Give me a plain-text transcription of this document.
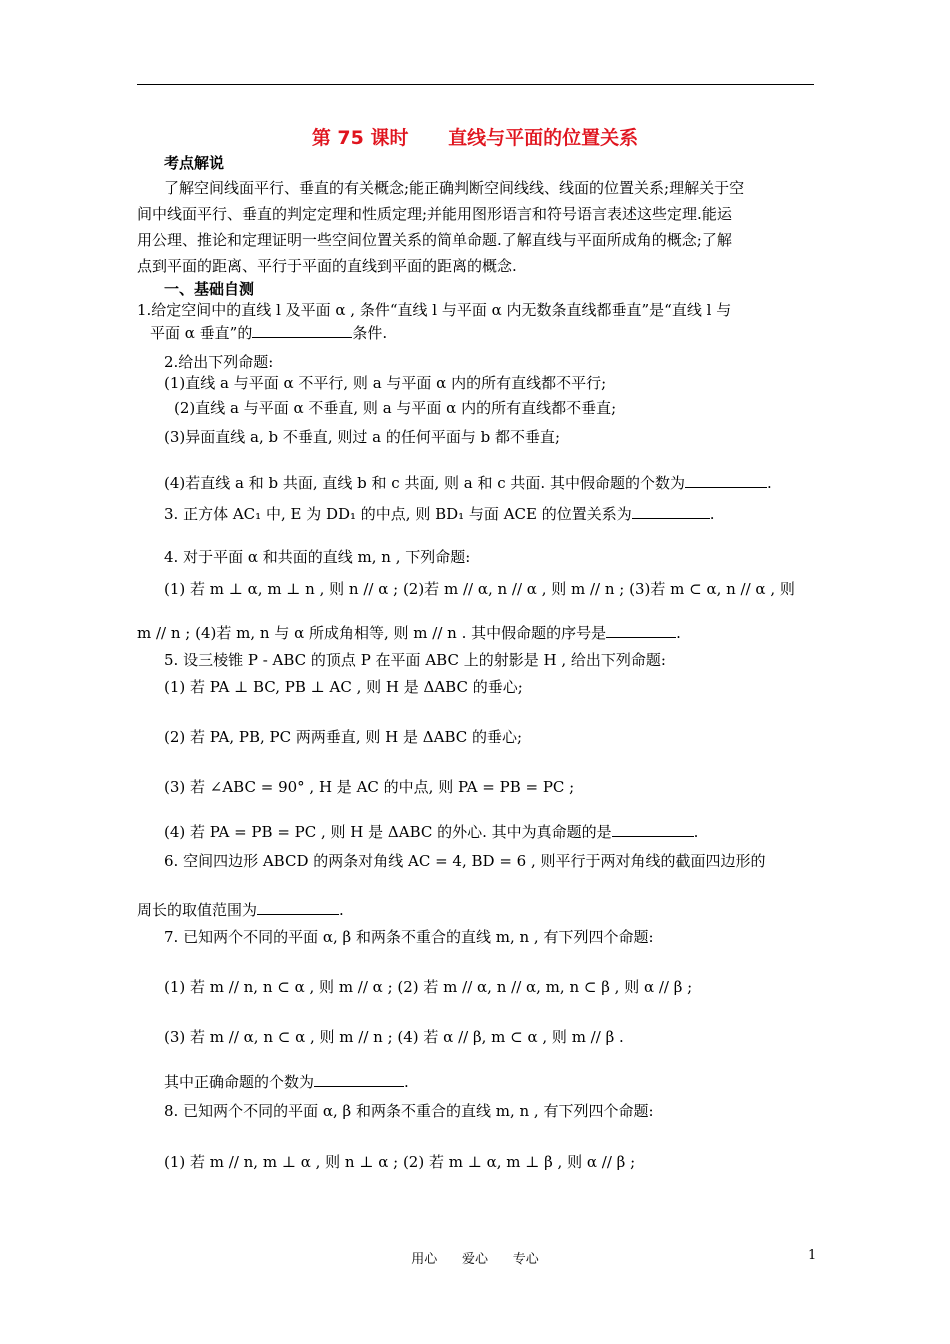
第 75 课时      直线与平面的位置关系
考点解说
了解空间线面平行、垂直的有关概念;能正确判断空间线线、线面的位置关系;理解关于空
间中线面平行、垂直的判定定理和性质定理;并能用图形语言和符号语言表述这些定理.能运
用公理、推论和定理证明一些空间位置关系的简单命题.了解直线与平面所成角的概念;了解
点到平面的距离、平行于平面的直线到平面的距离的概念.
一、基础自测
1.给定空间中的直线 l 及平面 α , 条件“直线 l 与平面 α 内无数条直线都垂直”是“直线 l 与
平面 α 垂直”的	条件.
2.给出下列命题:
(1)直线 a 与平面 α 不平行, 则 a 与平面 α 内的所有直线都不平行;
(2)直线 a 与平面 α 不垂直, 则 a 与平面 α 内的所有直线都不垂直;
(3)异面直线 a, b 不垂直, 则过 a 的任何平面与 b 都不垂直;
(4)若直线 a 和 b 共面, 直线 b 和 c 共面, 则 a 和 c 共面. 其中假命题的个数为	.
3. 正方体 AC₁ 中, E 为 DD₁ 的中点, 则 BD₁ 与面 ACE 的位置关系为	.
4. 对于平面 α 和共面的直线 m, n , 下列命题:
(1) 若 m ⊥ α, m ⊥ n , 则 n // α ; (2)若 m // α, n // α , 则 m // n ; (3)若 m ⊂ α, n // α , 则
m // n ; (4)若 m, n 与 α 所成角相等, 则 m // n . 其中假命题的序号是	.
5. 设三棱锥 P - ABC 的顶点 P 在平面 ABC 上的射影是 H , 给出下列命题:
(1) 若 PA ⊥ BC, PB ⊥ AC , 则 H 是 ΔABC 的垂心;
(2) 若 PA, PB, PC 两两垂直, 则 H 是 ΔABC 的垂心;
(3) 若 ∠ABC = 90° , H 是 AC 的中点, 则 PA = PB = PC ;
(4) 若 PA = PB = PC , 则 H 是 ΔABC 的外心. 其中为真命题的是	.
6. 空间四边形 ABCD 的两条对角线 AC = 4, BD = 6 , 则平行于两对角线的截面四边形的
周长的取值范围为	.
7. 已知两个不同的平面 α, β 和两条不重合的直线 m, n , 有下列四个命题:
(1) 若 m // n, n ⊂ α , 则 m // α ; (2) 若 m // α, n // α, m, n ⊂ β , 则 α // β ;
(3) 若 m // α, n ⊂ α , 则 m // n ; (4) 若 α // β, m ⊂ α , 则 m // β .
其中正确命题的个数为	.
8. 已知两个不同的平面 α, β 和两条不重合的直线 m, n , 有下列四个命题:
(1) 若 m // n, m ⊥ α , 则 n ⊥ α ; (2) 若 m ⊥ α, m ⊥ β , 则 α // β ;
用心      爱心      专心	1
